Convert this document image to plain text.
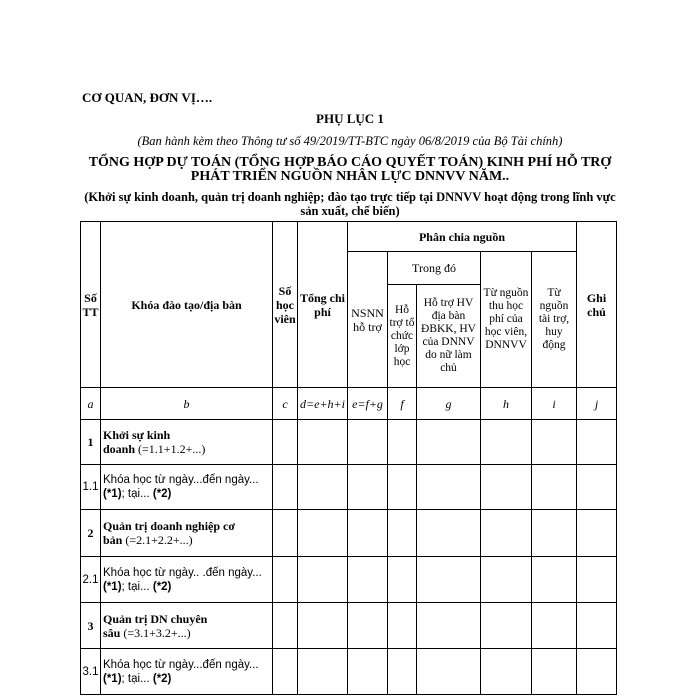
CƠ QUAN, ĐƠN VỊ….
PHỤ LỤC 1
(Ban hành kèm theo Thông tư số 49/2019/TT-BTC ngày 06/8/2019 của Bộ Tài chính)
TỔNG HỢP DỰ TOÁN (TỔNG HỢP BÁO CÁO QUYẾT TOÁN) KINH PHÍ HỖ TRỢ PHÁT TRIỂN NGUỒN NHÂN LỰC DNNVV NĂM..
(Khởi sự kinh doanh, quản trị doanh nghiệp; đào tạo trực tiếp tại DNNVV hoạt động trong lĩnh vực sản xuất, chế biến)
Số TT	Khóa đào tạo/địa bàn	Số học viên	Tổng chi phí	Phân chia nguồn					Ghi chú
				NSNN hỗ trợ	Trong đó		Từ nguồn thu học phí của học viên, DNNVV	Từ nguồn tài trợ, huy động	
					Hỗ trợ tổ chức lớp học	Hỗ trợ HV địa bàn ĐBKK, HV của DNNV do nữ làm chủ			
a	b	c	d=e+h+i	e=f+g	f	g	h	i	j
1	Khởi sự kinh
doanh (=1.1+1.2+...)								

1.1	Khóa học từ ngày...đến ngày...
(*1); tại... (*2)								

2	Quản trị doanh nghiệp cơ
bản (=2.1+2.2+...)								

2.1	Khóa học từ ngày.. .đến ngày...
(*1); tại... (*2)								

3	Quản trị DN chuyên
sâu (=3.1+3.2+...)								

3.1	Khóa học từ ngày...đến ngày...
(*1); tại... (*2)								
